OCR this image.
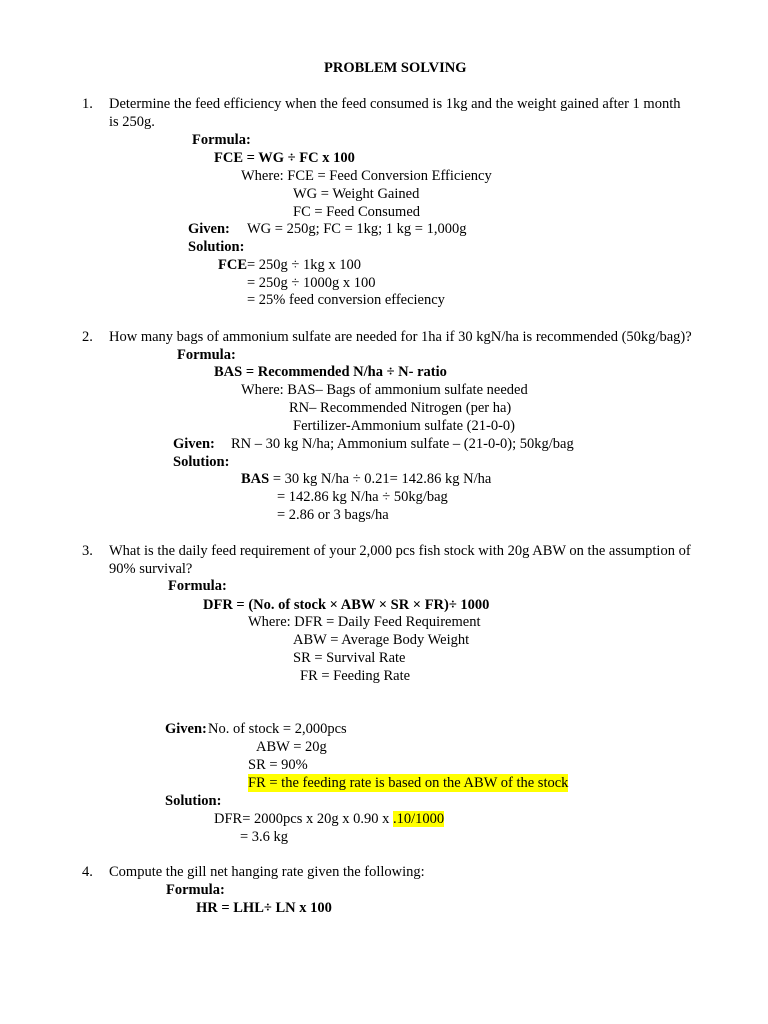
PROBLEM SOLVING
1. Determine the feed efficiency when the feed consumed is 1kg and the weight gained after 1 month
is 250g.
Formula:
FCE = WG ÷ FC x 100
Where: FCE = Feed Conversion Efficiency
WG = Weight Gained
FC = Feed Consumed
Given: WG = 250g; FC = 1kg; 1 kg = 1,000g
Solution:
FCE= 250g ÷ 1kg x 100
= 250g ÷ 1000g x 100
= 25% feed conversion effeciency
2. How many bags of ammonium sulfate are needed for 1ha if 30 kgN/ha is recommended (50kg/bag)?
Formula:
BAS = Recommended N/ha ÷ N- ratio
Where: BAS– Bags of ammonium sulfate needed
RN– Recommended Nitrogen (per ha)
Fertilizer-Ammonium sulfate (21-0-0)
Given: RN – 30 kg N/ha; Ammonium sulfate – (21-0-0); 50kg/bag
Solution:
BAS = 30 kg N/ha ÷ 0.21= 142.86 kg N/ha
= 142.86 kg N/ha ÷ 50kg/bag
= 2.86 or 3 bags/ha
3. What is the daily feed requirement of your 2,000 pcs fish stock with 20g ABW on the assumption of
90% survival?
Formula:
DFR = (No. of stock × ABW × SR × FR)÷ 1000
Where: DFR = Daily Feed Requirement
ABW = Average Body Weight
SR = Survival Rate
FR = Feeding Rate
Given: No. of stock = 2,000pcs
ABW = 20g
SR = 90%
FR = the feeding rate is based on the ABW of the stock
Solution:
DFR= 2000pcs x 20g x 0.90 x .10/1000
= 3.6 kg
4. Compute the gill net hanging rate given the following:
Formula:
HR = LHL÷ LN x 100
